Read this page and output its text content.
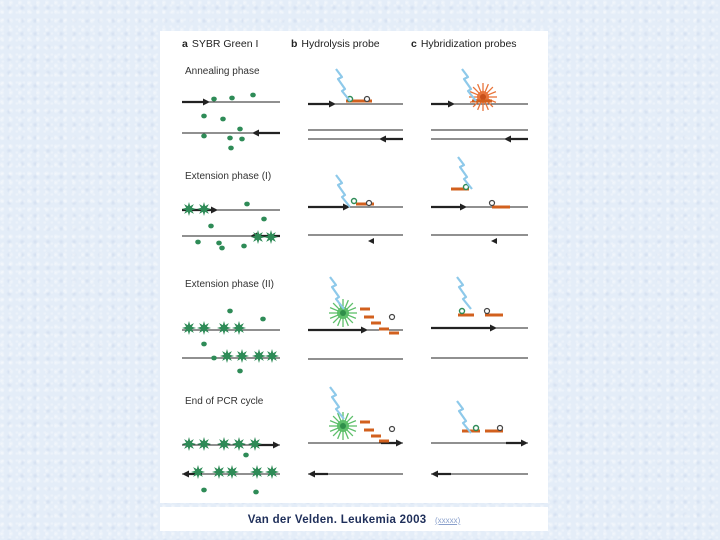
a SYBR Green I	b Hydrolysis probe	c Hybridization probes
Annealing phase
Extension phase (I)
Extension phase (II)
End of PCR cycle
Van der Velden. Leukemia 2003 (xxxxx)
